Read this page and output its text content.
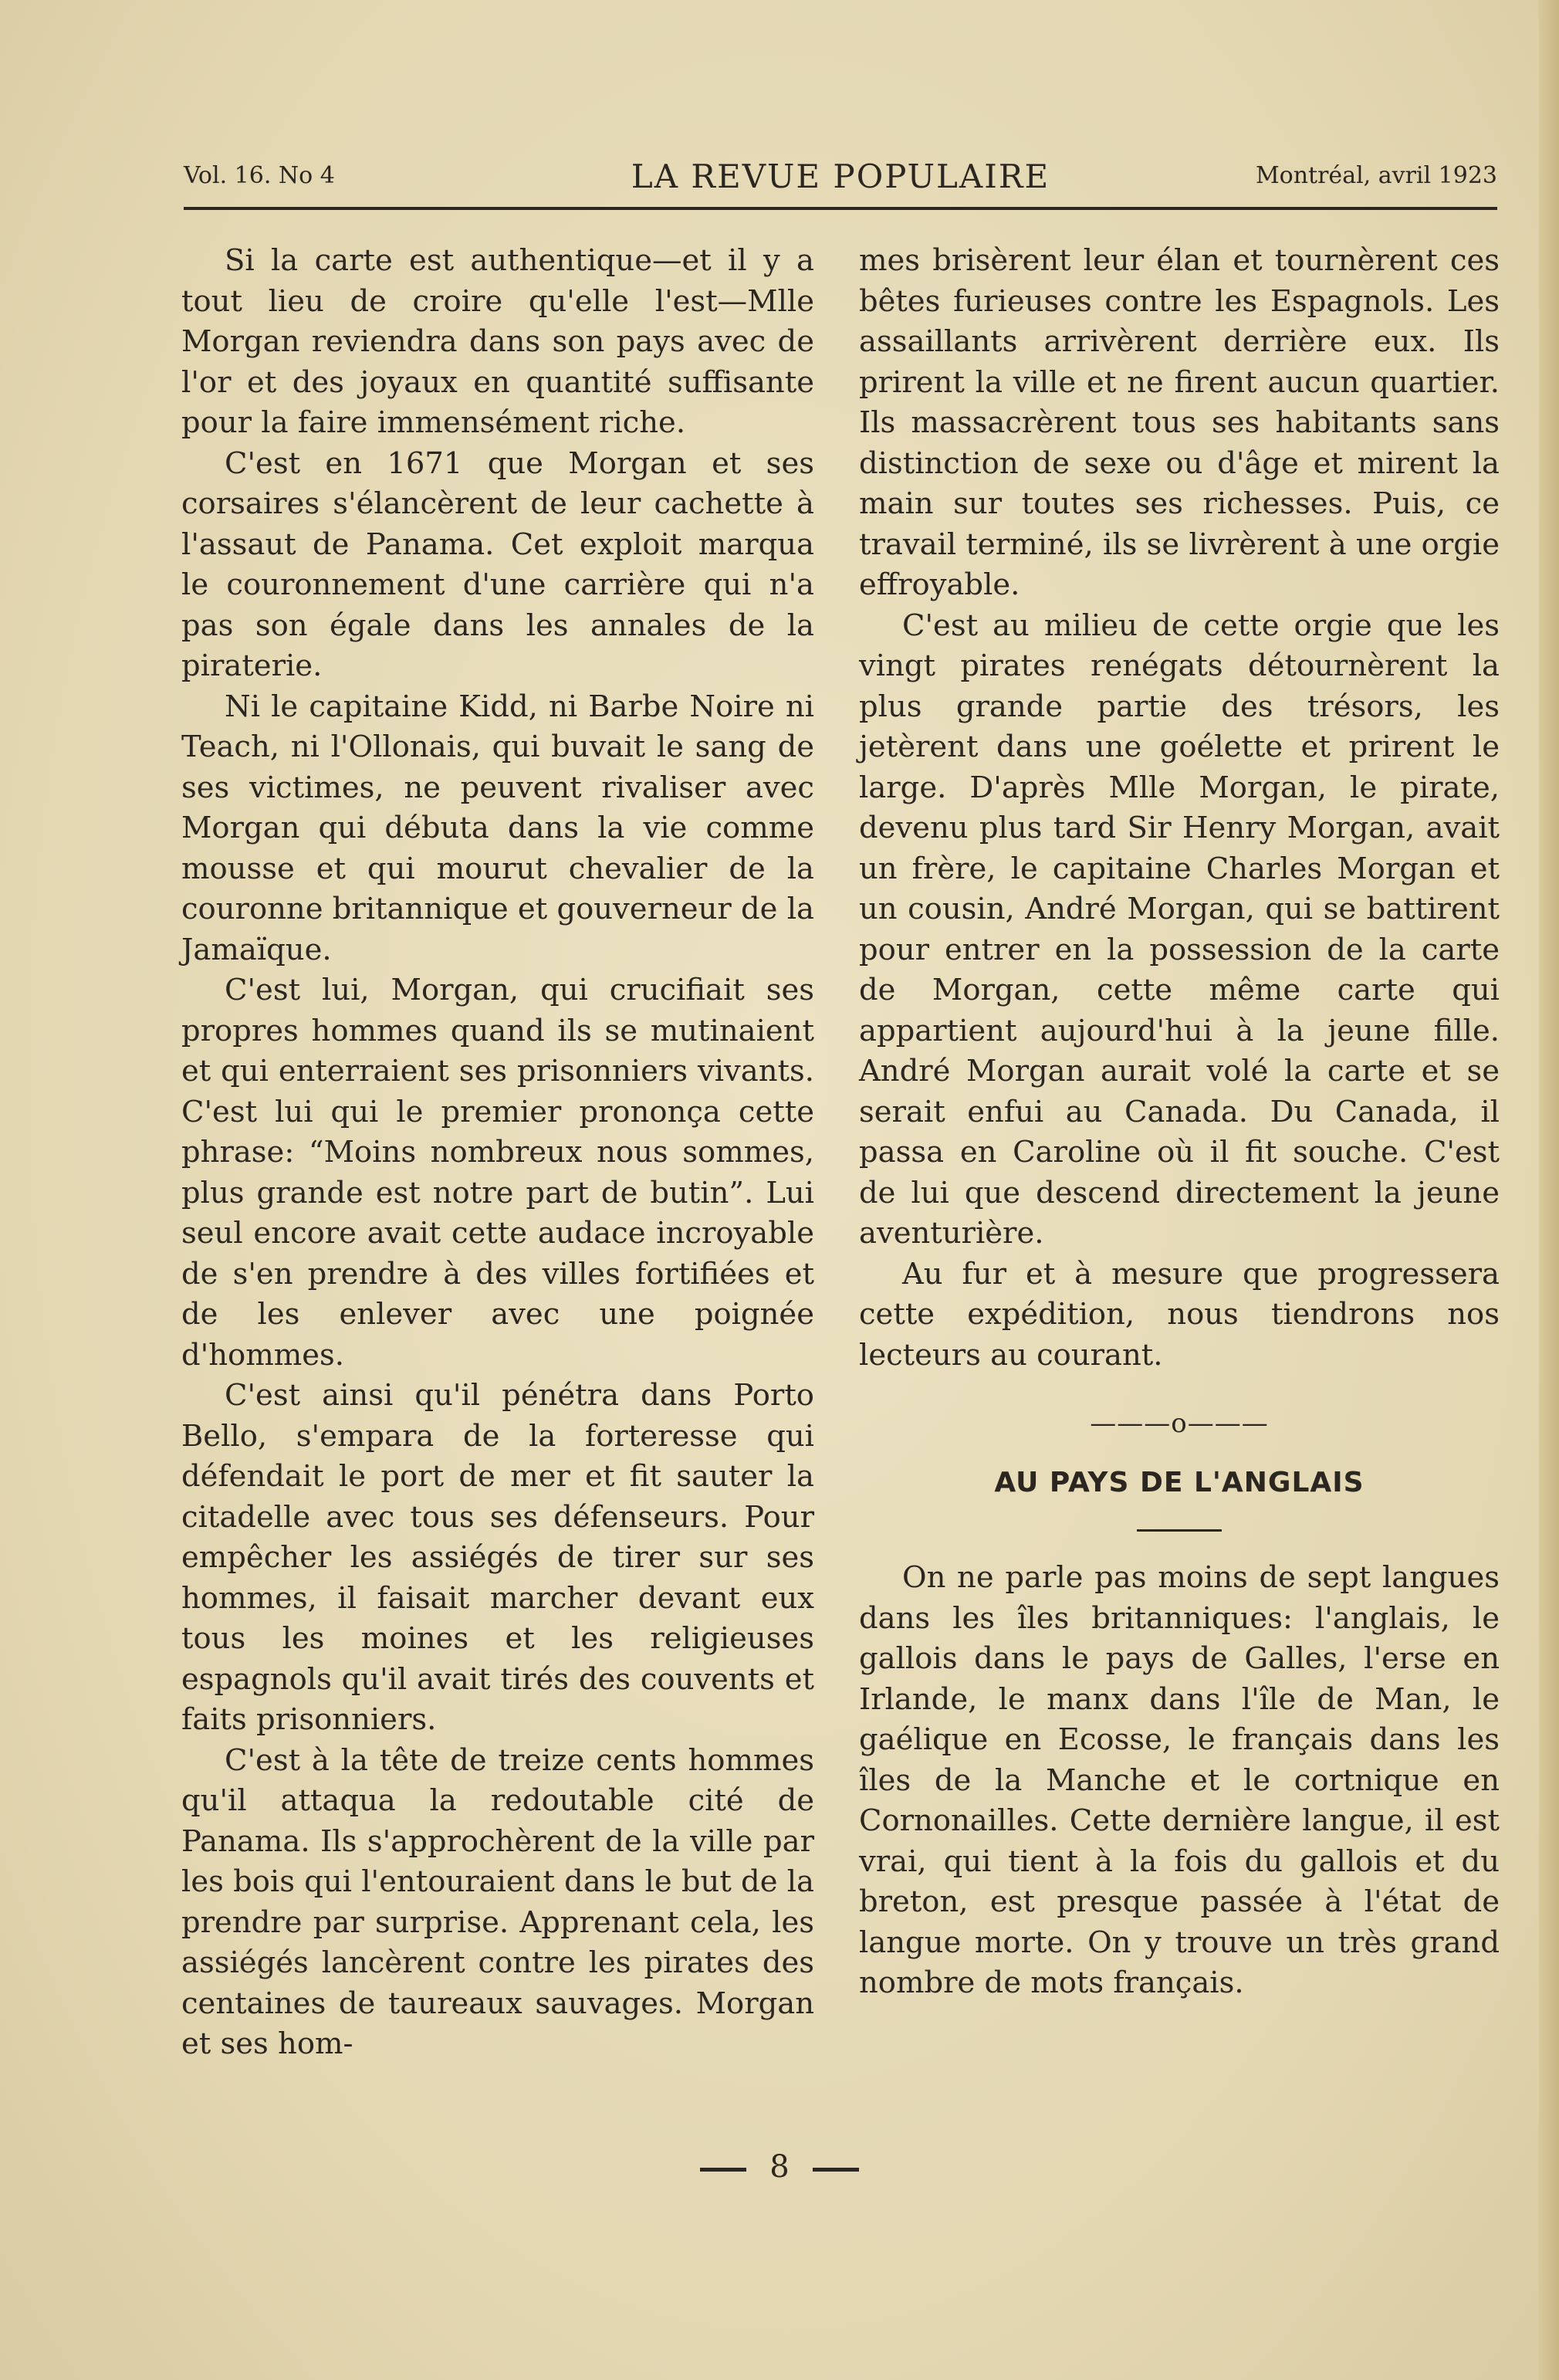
Vol. 16. No 4	LA REVUE POPULAIRE	Montréal, avril 1923

Si la carte est authentique—et il y a tout lieu de croire qu'elle l'est—Mlle Morgan reviendra dans son pays avec de l'or et des joyaux en quantité suffisante pour la faire immensément riche.

C'est en 1671 que Morgan et ses corsaires s'élancèrent de leur cachette à l'assaut de Panama. Cet exploit marqua le couronnement d'une carrière qui n'a pas son égale dans les annales de la piraterie.

Ni le capitaine Kidd, ni Barbe Noire ni Teach, ni l'Ollonais, qui buvait le sang de ses victimes, ne peuvent rivaliser avec Morgan qui débuta dans la vie comme mousse et qui mourut chevalier de la couronne britannique et gouverneur de la Jamaïque.

C'est lui, Morgan, qui crucifiait ses propres hommes quand ils se mutinaient et qui enterraient ses prisonniers vivants. C'est lui qui le premier prononça cette phrase: “Moins nombreux nous sommes, plus grande est notre part de butin”. Lui seul encore avait cette audace incroyable de s'en prendre à des villes fortifiées et de les enlever avec une poignée d'hommes.

C'est ainsi qu'il pénétra dans Porto Bello, s'empara de la forteresse qui défendait le port de mer et fit sauter la citadelle avec tous ses défenseurs. Pour empêcher les assiégés de tirer sur ses hommes, il faisait marcher devant eux tous les moines et les religieuses espagnols qu'il avait tirés des couvents et faits prisonniers.

C'est à la tête de treize cents hommes qu'il attaqua la redoutable cité de Panama. Ils s'approchèrent de la ville par les bois qui l'entouraient dans le but de la prendre par surprise. Apprenant cela, les assiégés lancèrent contre les pirates des centaines de taureaux sauvages. Morgan et ses hom-

mes brisèrent leur élan et tournèrent ces bêtes furieuses contre les Espagnols. Les assaillants arrivèrent derrière eux. Ils prirent la ville et ne firent aucun quartier. Ils massacrèrent tous ses habitants sans distinction de sexe ou d'âge et mirent la main sur toutes ses richesses. Puis, ce travail terminé, ils se livrèrent à une orgie effroyable.

C'est au milieu de cette orgie que les vingt pirates renégats détournèrent la plus grande partie des trésors, les jetèrent dans une goélette et prirent le large. D'après Mlle Morgan, le pirate, devenu plus tard Sir Henry Morgan, avait un frère, le capitaine Charles Morgan et un cousin, André Morgan, qui se battirent pour entrer en la possession de la carte de Morgan, cette même carte qui appartient aujourd'hui à la jeune fille. André Morgan aurait volé la carte et se serait enfui au Canada. Du Canada, il passa en Caroline où il fit souche. C'est de lui que descend directement la jeune aventurière.

Au fur et à mesure que progressera cette expédition, nous tiendrons nos lecteurs au courant.

———o———
AU PAYS DE L'ANGLAIS

On ne parle pas moins de sept langues dans les îles britanniques: l'anglais, le gallois dans le pays de Galles, l'erse en Irlande, le manx dans l'île de Man, le gaélique en Ecosse, le français dans les îles de la Manche et le cortnique en Cornonailles. Cette dernière langue, il est vrai, qui tient à la fois du gallois et du breton, est presque passée à l'état de langue morte. On y trouve un très grand nombre de mots français.

8
